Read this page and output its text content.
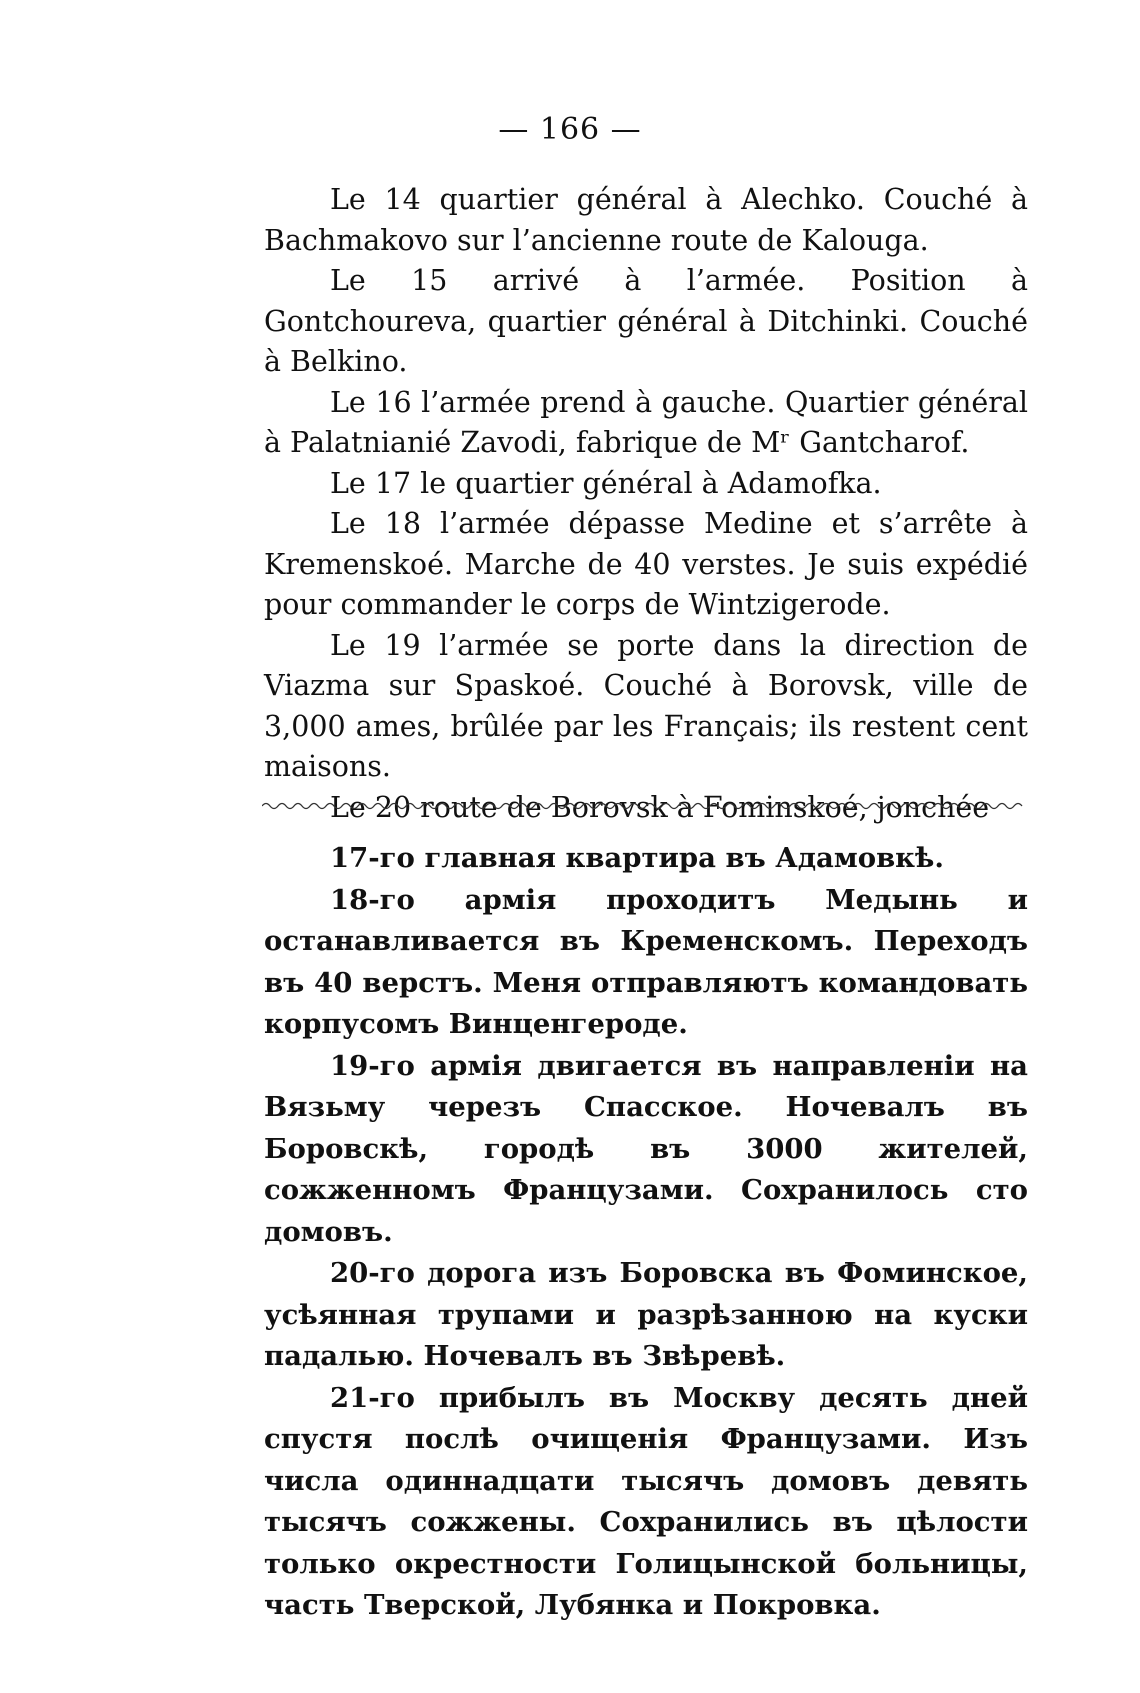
— 166 —

Le 14 quartier général à Alechko. Couché à Bachmakovo sur l’ancienne route de Kalouga.

Le 15 arrivé à l’armée. Position à Gontchoureva, quartier général à Ditchinki. Couché à Belkino.

Le 16 l’armée prend à gauche. Quartier général à Palatnianié Zavodi, fabrique de Mʳ Gantcharof.

Le 17 le quartier général à Adamofka.

Le 18 l’armée dépasse Medine et s’arrête à Kremenskoé. Marche de 40 verstes. Je suis expédié pour commander le corps de Wintzigerode.

Le 19 l’armée se porte dans la direction de Viazma sur Spaskoé. Couché à Borovsk, ville de 3,000 ames, brûlée par les Français; ils restent cent maisons.

Le 20 route de Borovsk à Fominskoé, jonchée

17-го главная квартира въ Адамовкѣ.

18-го армія проходитъ Медынь и останавливается въ Кременскомъ. Переходъ въ 40 верстъ. Меня отправляютъ командовать корпусомъ Винценгероде.

19-го армія двигается въ направленіи на Вязьму черезъ Спасское. Ночевалъ въ Боровскѣ, городѣ въ 3000 жителей, сожженномъ Французами. Сохранилось сто домовъ.

20-го дорога изъ Боровска въ Фоминское, усѣянная трупами и разрѣзанною на куски падалью. Ночевалъ въ Звѣревѣ.

21-го прибылъ въ Москву десять дней спустя послѣ очищенія Французами. Изъ числа одиннадцати тысячъ домовъ девять тысячъ сожжены. Сохранились въ цѣлости только окрестности Голицынской больницы, часть Тверской, Лубянка и Покровка.
